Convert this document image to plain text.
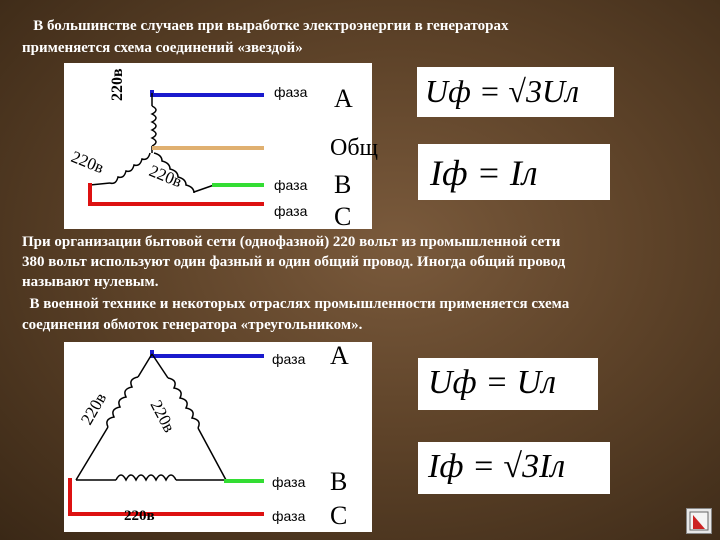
В большинстве случаев при выработке электроэнергии в генераторах
применяется схема соединений «звездой»
220в
220в 220в
фаза
фаза
фаза
А
Общ
В
С
Uф = √3Uл
Iф = Iл
При организации бытовой сети (однофазной) 220 вольт из промышленной сети
380 вольт используют один фазный и один общий провод. Иногда общий провод
называют нулевым.
В военной технике и некоторых отраслях промышленности применяется схема
соединения обмоток генератора «треугольником».
220в 220в
220в
фаза
фаза
фаза
А
В
С
Uф = Uл
Iф = √3Iл
